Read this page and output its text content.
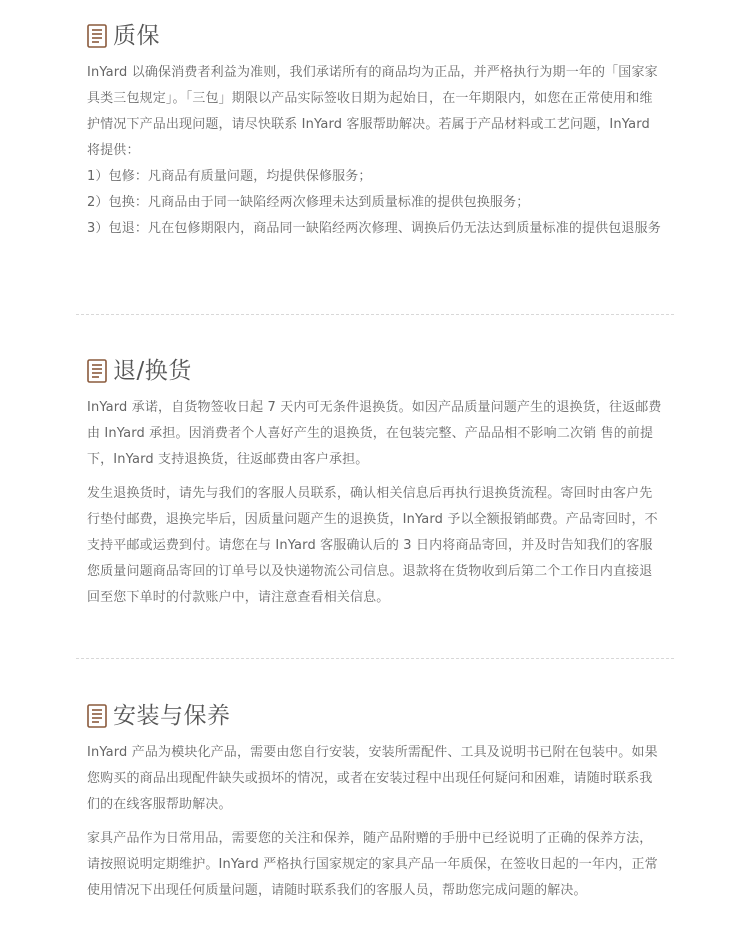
质保

InYard 以确保消费者利益为准则，我们承诺所有的商品均为正品，并严格执行为期一年的「国家家具类三包规定」。「三包」期限以产品实际签收日期为起始日，在一年期限内，如您在正常使用和维护情况下产品出现问题，请尽快联系 InYard 客服帮助解决。若属于产品材料或工艺问题，InYard 将提供：

1）包修：凡商品有质量问题，均提供保修服务；

2）包换：凡商品由于同一缺陷经两次修理未达到质量标准的提供包换服务；

3）包退：凡在包修期限内，商品同一缺陷经两次修理、调换后仍无法达到质量标准的提供包退服务

退/换货

InYard 承诺，自货物签收日起 7 天内可无条件退换货。如因产品质量问题产生的退换货，往返邮费由 InYard 承担。因消费者个人喜好产生的退换货，在包装完整、产品品相不影响二次销 售的前提下，InYard 支持退换货，往返邮费由客户承担。

发生退换货时，请先与我们的客服人员联系，确认相关信息后再执行退换货流程。寄回时由客户先行垫付邮费，退换完毕后，因质量问题产生的退换货，InYard 予以全额报销邮费。产品寄回时，不支持平邮或运费到付。请您在与 InYard 客服确认后的 3 日内将商品寄回，并及时告知我们的客服您质量问题商品寄回的订单号以及快递物流公司信息。退款将在货物收到后第二个工作日内直接退回至您下单时的付款账户中，请注意查看相关信息。

安装与保养

InYard 产品为模块化产品，需要由您自行安装，安装所需配件、工具及说明书已附在包装中。如果您购买的商品出现配件缺失或损坏的情况，或者在安装过程中出现任何疑问和困难，请随时联系我们的在线客服帮助解决。

家具产品作为日常用品，需要您的关注和保养，随产品附赠的手册中已经说明了正确的保养方法，请按照说明定期维护。InYard 严格执行国家规定的家具产品一年质保，在签收日起的一年内，正常使用情况下出现任何质量问题，请随时联系我们的客服人员，帮助您完成问题的解决。
